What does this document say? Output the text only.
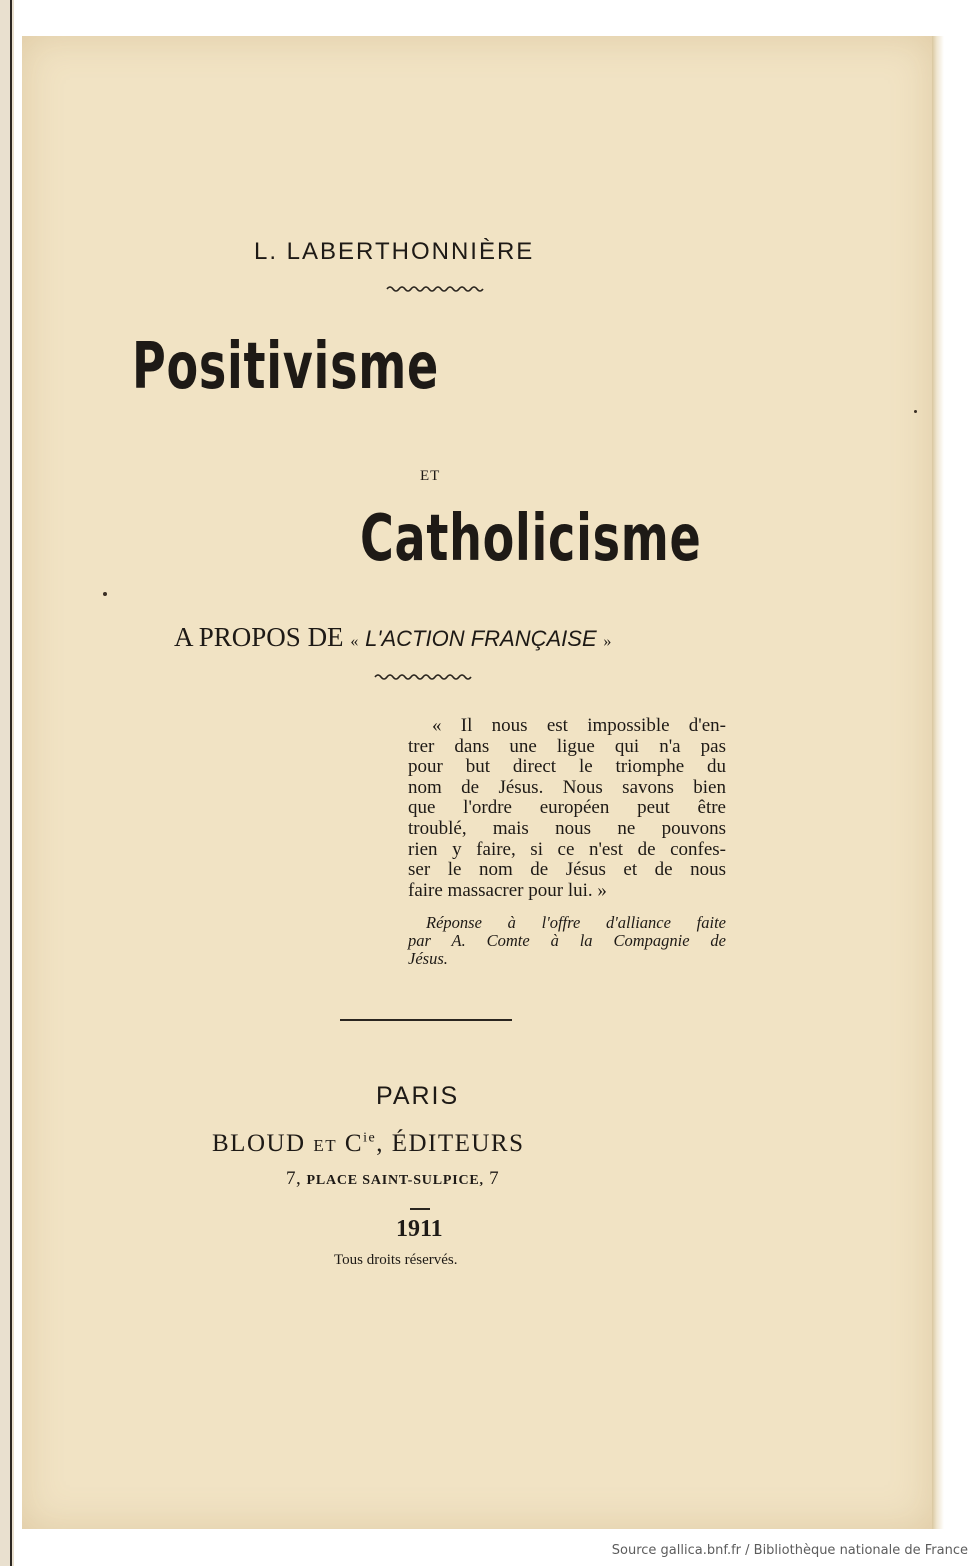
L. LABERTHONNIÈRE

Positivisme

ET

Catholicisme

A PROPOS DE « L'ACTION FRANÇAISE »

« Il nous est impossible d'en-
trer dans une ligue qui n'a pas
pour but direct le triomphe du
nom de Jésus. Nous savons bien
que l'ordre européen peut être
troublé, mais nous ne pouvons
rien y faire, si ce n'est de confes-
ser le nom de Jésus et de nous
faire massacrer pour lui. »
Réponse à l'offre d'alliance faite
par A. Comte à la Compagnie de
Jésus.

PARIS

BLOUD ET $C^{ie}$, ÉDITEURS

7, PLACE SAINT-SULPICE, 7

1911

Tous droits réservés.

Source gallica.bnf.fr / Bibliothèque nationale de France
